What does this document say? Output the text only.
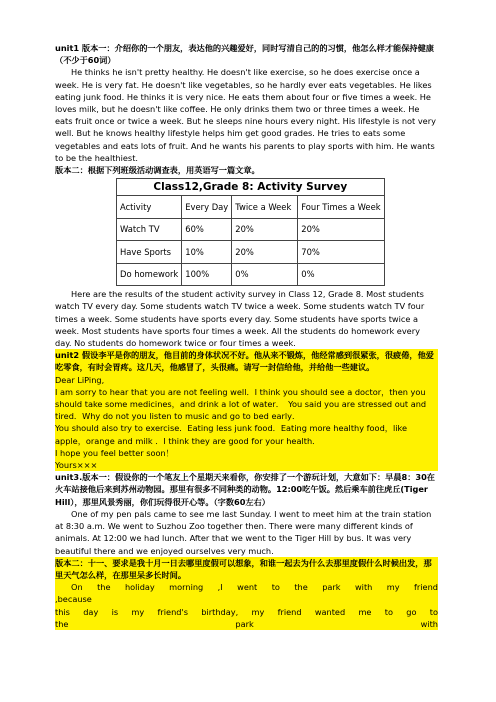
unit1 版本一：介绍你的一个朋友，表达他的兴趣爱好，同时写清自己的的习惯，他怎么样才能保持健康（不少于60词）

He thinks he isn't pretty healthy. He doesn't like exercise, so he does exercise once a week. He is very fat. He doesn't like vegetables, so he hardly ever eats vegetables. He likes eating junk food. He thinks it is very nice. He eats them about four or five times a week. He loves milk, but he doesn't like coffee. He only drinks them two or three times a week. He eats fruit once or twice a week. But he sleeps nine hours every night. His lifestyle is not very well. But he knows healthy lifestyle helps him get good grades. He tries to eats some vegetables and eats lots of fruit. And he wants his parents to play sports with him. He wants to be the healthiest.

版本二：根据下列班级活动调查表，用英语写一篇文章。

Class12,Grade 8: Activity Survey			
Activity	Every Day	Twice a Week	Four Times a Week
Watch TV	60%	20%	20%
Have Sports	10%	20%	70%
Do homework	100%	0%	0%

Here are the results of the student activity survey in Class 12, Grade 8. Most students watch TV every day. Some students watch TV twice a week. Some students watch TV four times a week. Some students have sports every day. Some students have sports twice a week. Most students have sports four times a week. All the students do homework every day. No students do homework twice or four times a week.

unit2 假设李平是你的朋友，他目前的身体状况不好。他从来不锻炼，他经常感到很紧张，很疲倦，他爱吃零食，有时会胃疼。这几天，他感冒了，头很痛。请写一封信给他，并给他一些建议。

Dear LiPing,

I am sorry to hear that you are not feeling well．I think you should see a doctor，then you should take some medicines，and drink a lot of water．　You said you are stressed out and tired．Why do not you listen to music and go to bed early．

You should also try to exercise．Eating less junk food．Eating more healthy food，like apple，orange and milk ．I think they are good for your health．

I hope you feel better soon！

Yours×××

unit3.版本一：假设你的一个笔友上个星期天来看你，你安排了一个游玩计划，大意如下：早晨8：30在火车站接他后来到苏州动物园。那里有很多不同种类的动物。12:00吃午饭。然后乘车前往虎丘(Tiger Hill），那里风景秀丽，你们玩得很开心等。（字数60左右）

One of my pen pals came to see me last Sunday. I went to meet him at the train station at 8:30 a.m. We went to Suzhou Zoo together then. There were many different kinds of animals. At 12:00 we had lunch. After that we went to the Tiger Hill by bus. It was very beautiful there and we enjoyed ourselves very much.

版本二：十一、要求是我十月一日去哪里度假可以想象，和谁一起去为什么去那里度假什么时候出发，那里天气怎么样，在那里呆多长时间。

On the holiday morning ,I went to the park with my friend ,because

this day is my friend's birthday, my friend wanted me to go to the park with
